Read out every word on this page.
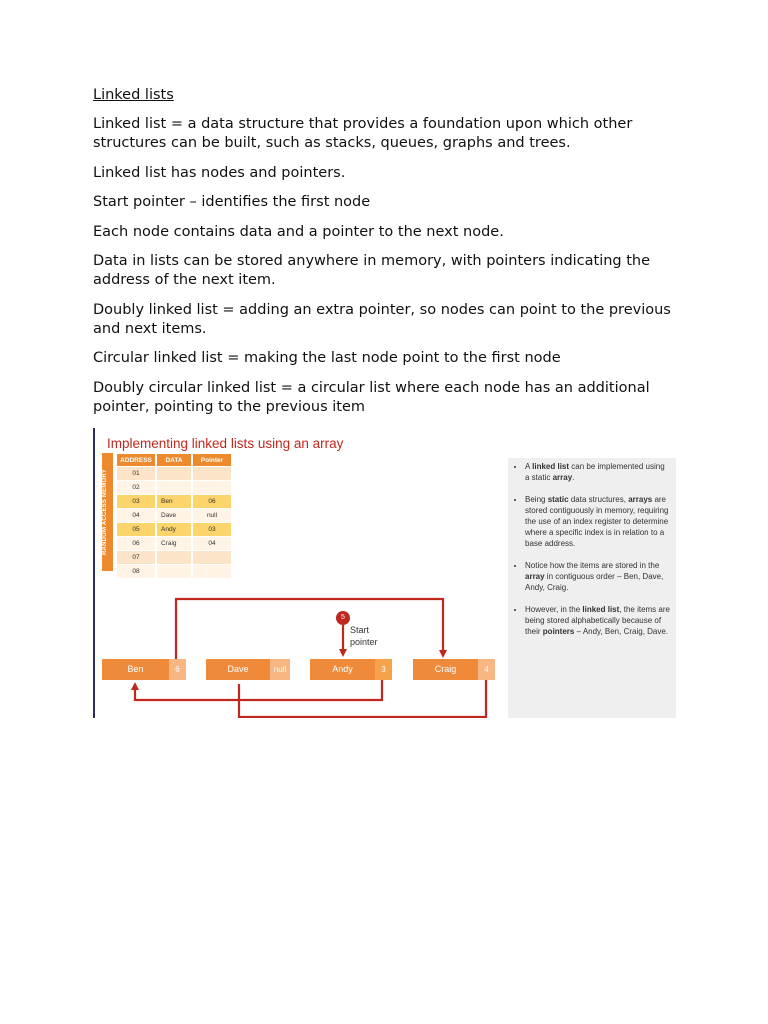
Linked lists

Linked list = a data structure that provides a foundation upon which other structures can be built, such as stacks, queues, graphs and trees.

Linked list has nodes and pointers.

Start pointer – identifies the first node

Each node contains data and a pointer to the next node.

Data in lists can be stored anywhere in memory, with pointers indicating the address of the next item.

Doubly linked list = adding an extra pointer, so nodes can point to the previous and next items.

Circular linked list = making the last node point to the first node

Doubly circular linked list = a circular list where each node has an additional pointer, pointing to the previous item

Implementing linked lists using an array
RANDOM ACCESS MEMORY
ADDRESS	DATA	Pointer
01		
02		
03	Ben	06
04	Dave	null
05	Andy	03
06	Craig	04
07		
08		
5
Start
pointer
Ben	6	Dave	null	Andy	3	Craig	4
• A linked list can be implemented using a static array.
• Being static data structures, arrays are stored contiguously in memory, requiring the use of an index register to determine where a specific index is in relation to a base address.
• Notice how the items are stored in the array in contiguous order – Ben, Dave, Andy, Craig.
• However, in the linked list, the items are being stored alphabetically because of their pointers – Andy, Ben, Craig, Dave.
